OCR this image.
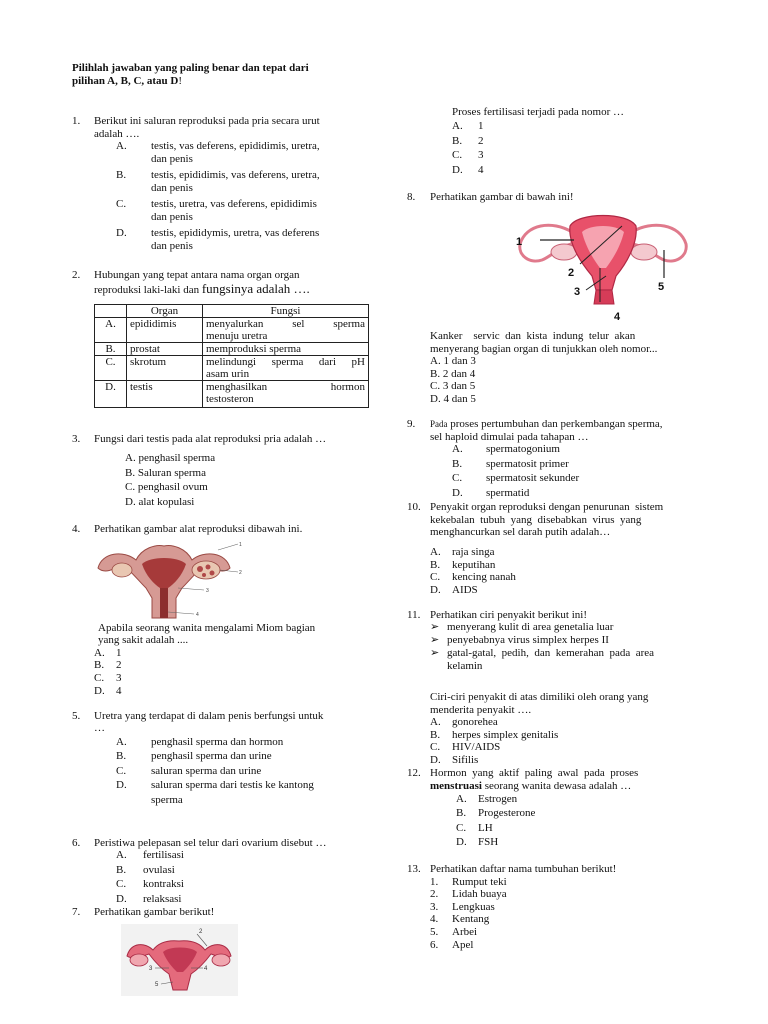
Pilihlah jawaban yang paling benar dan tepat dari
pilihan A, B, C, atau D!
1. Berikut ini saluran reproduksi pada pria secara urut
adalah ….
A. testis, vas deferens, epididimis, uretra,
dan penis
B. testis, epididimis, vas deferens, uretra,
dan penis
C. testis, uretra, vas deferens, epididimis
dan penis
D. testis, epididymis, uretra, vas deferens
dan penis
2. Hubungan yang tepat antara nama organ organ
reproduksi laki-laki dan fungsinya adalah ….
	Organ	Fungsi
A.	epididimis	menyalurkan sel sperma
menuju uretra

B.	prostat	memproduksi sperma
C.	skrotum	melindungi sperma dari pH
asam urin

D.	testis	menghasilkan hormon
testosteron
3. Fungsi dari testis pada alat reproduksi pria adalah …
A. penghasil sperma
B. Saluran sperma
C. penghasil ovum
D. alat kopulasi
4. Perhatikan gambar alat reproduksi dibawah ini.
1
2
3
4
Apabila seorang wanita mengalami Miom bagian
yang sakit adalah ....
A. 1
B. 2
C. 3
D. 4
5. Uretra yang terdapat di dalam penis berfungsi untuk
…
A. penghasil sperma dan hormon
B. penghasil sperma dan urine
C. saluran sperma dan urine
D. saluran sperma dari testis ke kantong
sperma
6. Peristiwa pelepasan sel telur dari ovarium disebut …
A. fertilisasi
B. ovulasi
C. kontraksi
D. relaksasi
7. Perhatikan gambar berikut!
2
3	4
5
Proses fertilisasi terjadi pada nomor …
A. 1
B. 2
C. 3
D. 4
8. Perhatikan gambar di bawah ini!
1
2
3
4
5
Kanker    servic  dan  kista  indung  telur  akan
menyerang bagian organ di tunjukkan oleh nomor...
A. 1 dan 3
B. 2 dan 4
C. 3 dan 5
D. 4 dan 5
9. Pada proses pertumbuhan dan perkembangan sperma,
sel haploid dimulai pada tahapan …
A. spermatogonium
B. spermatosit primer
C. spermatosit sekunder
D. spermatid
10. Penyakit organ reproduksi dengan penurunan  sistem
kekebalan  tubuh  yang  disebabkan  virus  yang
menghancurkan sel darah putih adalah…
A. raja singa
B. keputihan
C. kencing nanah
D. AIDS
11. Perhatikan ciri penyakit berikut ini!
➢ menyerang kulit di area genetalia luar
➢ penyebabnya virus simplex herpes II
➢ gatal-gatal,  pedih,  dan  kemerahan  pada  area
kelamin
Ciri-ciri penyakit di atas dimiliki oleh orang yang
menderita penyakit ….
A. gonorehea
B. herpes simplex genitalis
C. HIV/AIDS
D. Sifilis
12. Hormon  yang  aktif  paling  awal  pada  proses
menstruasi seorang wanita dewasa adalah …
A. Estrogen
B. Progesterone
C. LH
D. FSH
13. Perhatikan daftar nama tumbuhan berikut!
1. Rumput teki
2. Lidah buaya
3. Lengkuas
4. Kentang
5. Arbei
6. Apel
